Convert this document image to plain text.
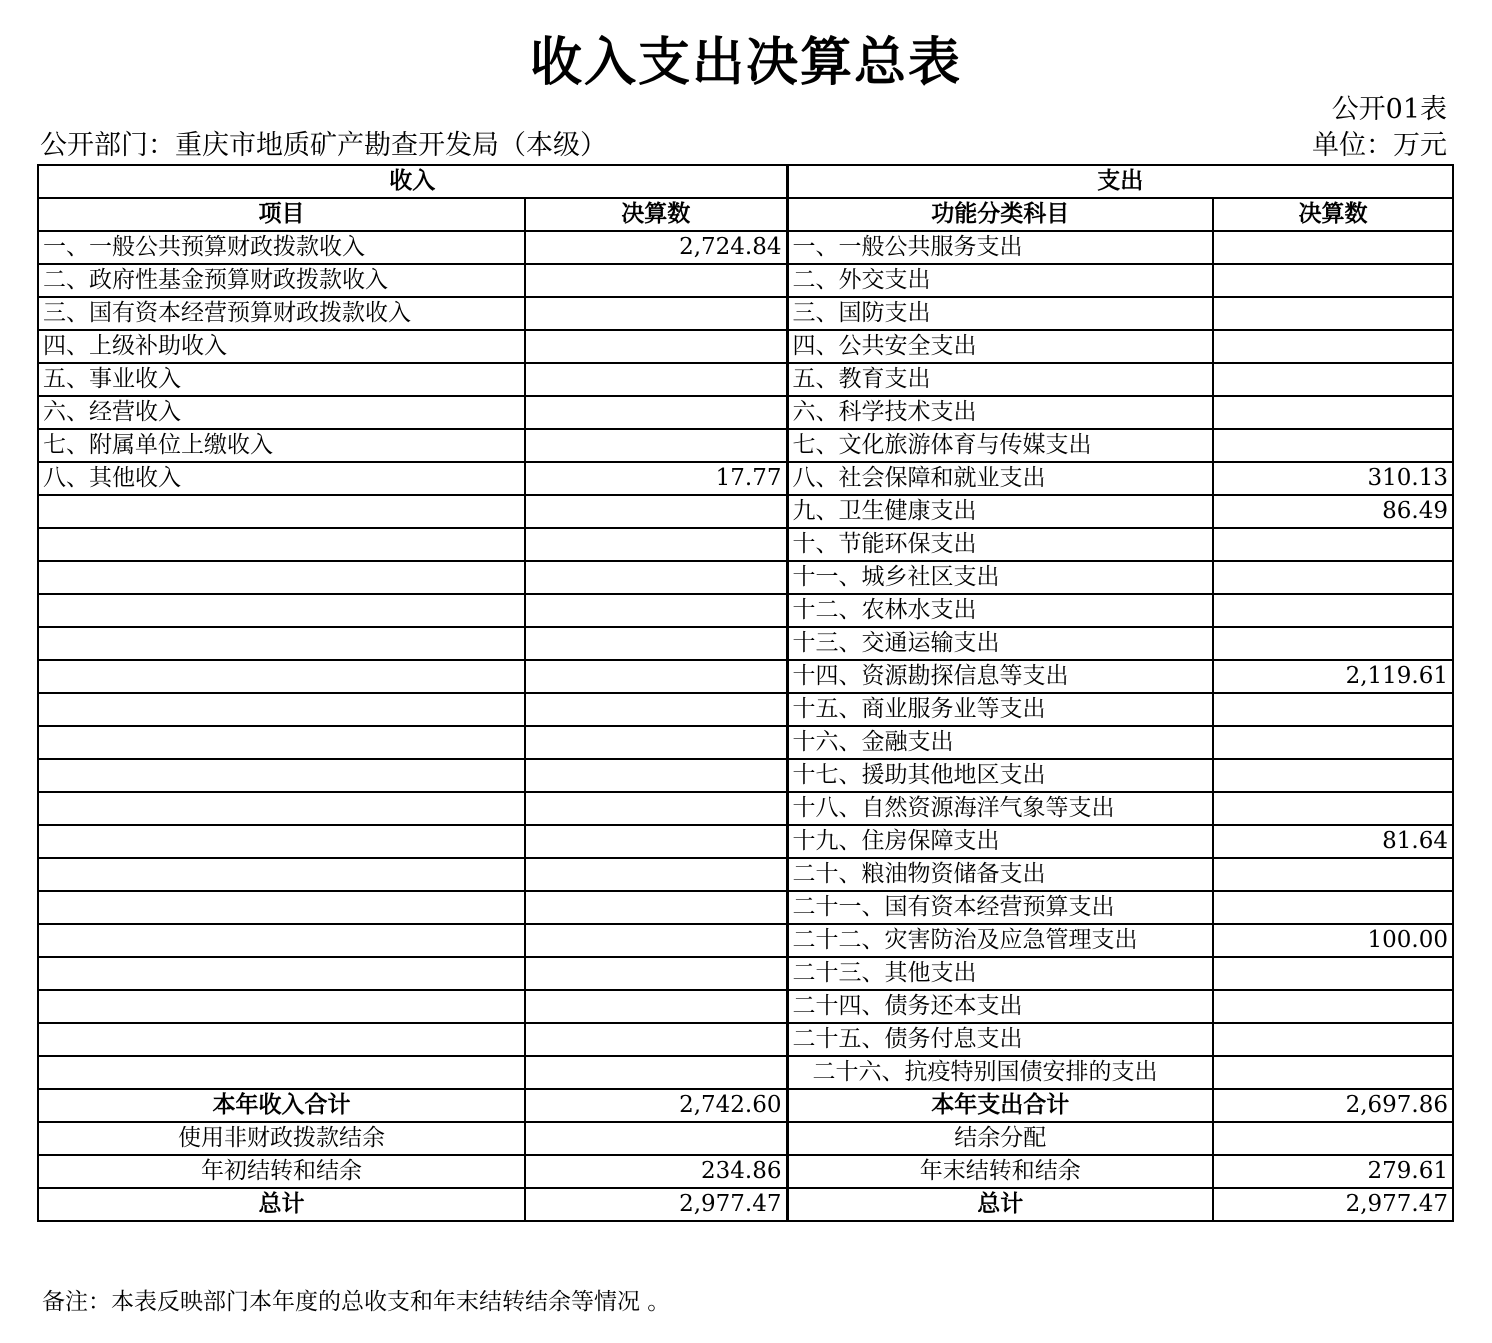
收入支出决算总表
公开01表
公开部门：重庆市地质矿产勘查开发局（本级）	单位：万元
收入		支出	
项目	决算数	功能分类科目	决算数
一、一般公共预算财政拨款收入	2,724.84	一、一般公共服务支出	
二、政府性基金预算财政拨款收入		二、外交支出	
三、国有资本经营预算财政拨款收入		三、国防支出	
四、上级补助收入		四、公共安全支出	
五、事业收入		五、教育支出	
六、经营收入		六、科学技术支出	
七、附属单位上缴收入		七、文化旅游体育与传媒支出	
八、其他收入	17.77	八、社会保障和就业支出	310.13
		九、卫生健康支出	86.49
		十、节能环保支出	
		十一、城乡社区支出	
		十二、农林水支出	
		十三、交通运输支出	
		十四、资源勘探信息等支出	2,119.61
		十五、商业服务业等支出	
		十六、金融支出	
		十七、援助其他地区支出	
		十八、自然资源海洋气象等支出	
		十九、住房保障支出	81.64
		二十、粮油物资储备支出	
		二十一、国有资本经营预算支出	
		二十二、灾害防治及应急管理支出	100.00
		二十三、其他支出	
		二十四、债务还本支出	
		二十五、债务付息支出	
		二十六、抗疫特别国债安排的支出	
本年收入合计	2,742.60	本年支出合计	2,697.86
使用非财政拨款结余		结余分配	
年初结转和结余	234.86	年末结转和结余	279.61
总计	2,977.47	总计	2,977.47
备注：本表反映部门本年度的总收支和年末结转结余等情况 。
